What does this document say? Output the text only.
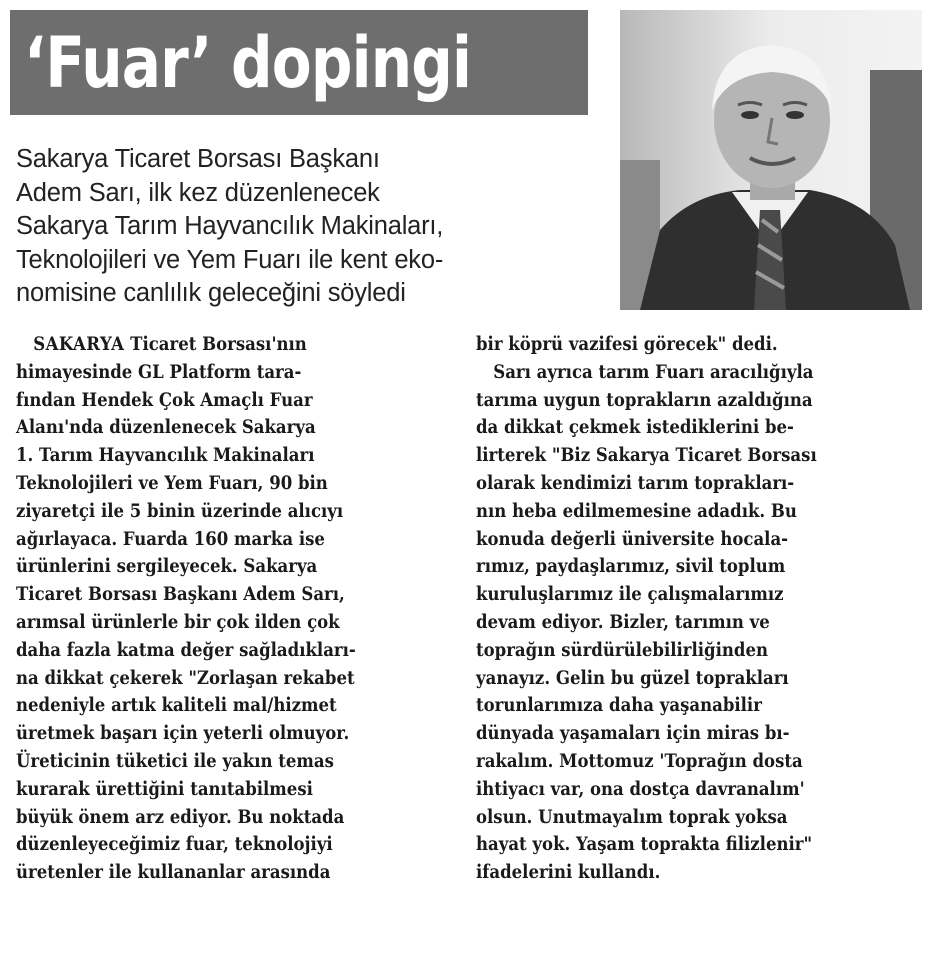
‘Fuar’ dopingi
Sakarya Ticaret Borsası Başkanı
Adem Sarı, ilk kez düzenlenecek
Sakarya Tarım Hayvancılık Makinaları,
Teknolojileri ve Yem Fuarı ile kent eko-
nomisine canlılık geleceğini söyledi
SAKARYA Ticaret Borsası'nın
himayesinde GL Platform tara-
fından Hendek Çok Amaçlı Fuar
Alanı'nda düzenlenecek Sakarya
1. Tarım Hayvancılık Makinaları
Teknolojileri ve Yem Fuarı, 90 bin
ziyaretçi ile 5 binin üzerinde alıcıyı
ağırlayaca. Fuarda 160 marka ise
ürünlerini sergileyecek. Sakarya
Ticaret Borsası Başkanı Adem Sarı,
arımsal ürünlerle bir çok ilden çok
daha fazla katma değer sağladıkları-
na dikkat çekerek "Zorlaşan rekabet
nedeniyle artık kaliteli mal/hizmet
üretmek başarı için yeterli olmuyor.
Üreticinin tüketici ile yakın temas
kurarak ürettiğini tanıtabilmesi
büyük önem arz ediyor. Bu noktada
düzenleyeceğimiz fuar, teknolojiyi
üretenler ile kullananlar arasında
bir köprü vazifesi görecek" dedi.
Sarı ayrıca tarım Fuarı aracılığıyla
tarıma uygun toprakların azaldığına
da dikkat çekmek istediklerini be-
lirterek "Biz Sakarya Ticaret Borsası
olarak kendimizi tarım toprakları-
nın heba edilmemesine adadık. Bu
konuda değerli üniversite hocala-
rımız, paydaşlarımız, sivil toplum
kuruluşlarımız ile çalışmalarımız
devam ediyor. Bizler, tarımın ve
toprağın sürdürülebilirliğinden
yanayız. Gelin bu güzel toprakları
torunlarımıza daha yaşanabilir
dünyada yaşamaları için miras bı-
rakalım. Mottomuz 'Toprağın dosta
ihtiyacı var, ona dostça davranalım'
olsun. Unutmayalım toprak yoksa
hayat yok. Yaşam toprakta filizlenir"
ifadelerini kullandı.
